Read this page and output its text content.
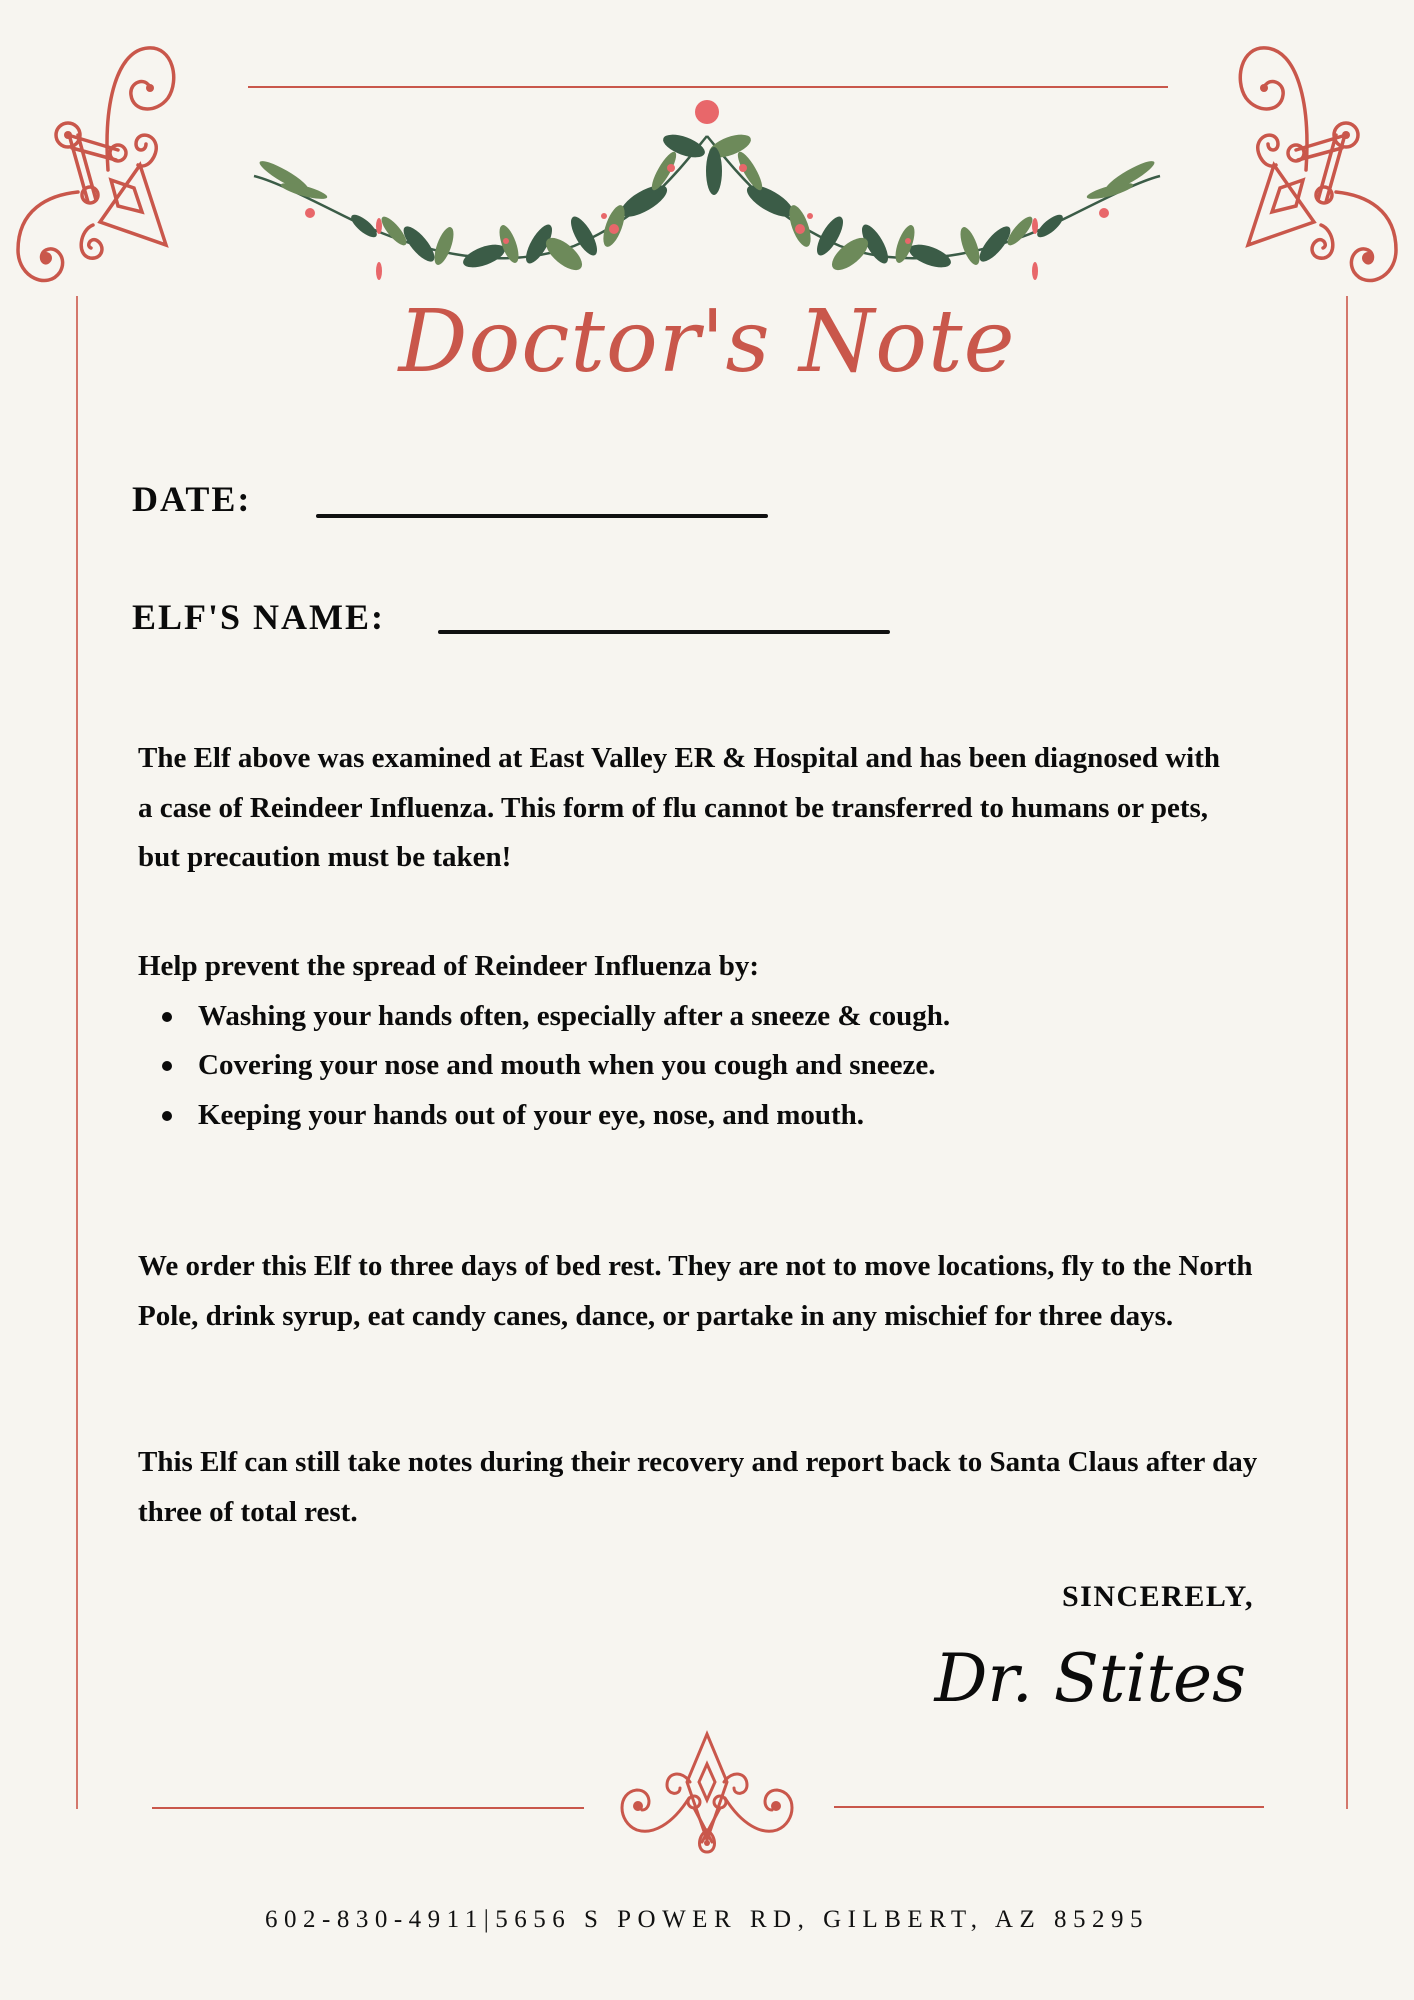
Doctor's Note
DATE:
ELF'S NAME:

The Elf above was examined at East Valley ER & Hospital and has been diagnosed with a case of Reindeer Influenza. This form of flu cannot be transferred to humans or pets, but precaution must be taken!

Help prevent the spread of Reindeer Influenza by:

Washing your hands often, especially after a sneeze & cough.
Covering your nose and mouth when you cough and sneeze.
Keeping your hands out of your eye, nose, and mouth.

We order this Elf to three days of bed rest. They are not to move locations, fly to the North Pole, drink syrup, eat candy canes, dance, or partake in any mischief for three days.

This Elf can still take notes during their recovery and report back to Santa Claus after day three of total rest.

SINCERELY,
Dr. Stites
602-830-4911|5656 S POWER RD, GILBERT, AZ 85295
